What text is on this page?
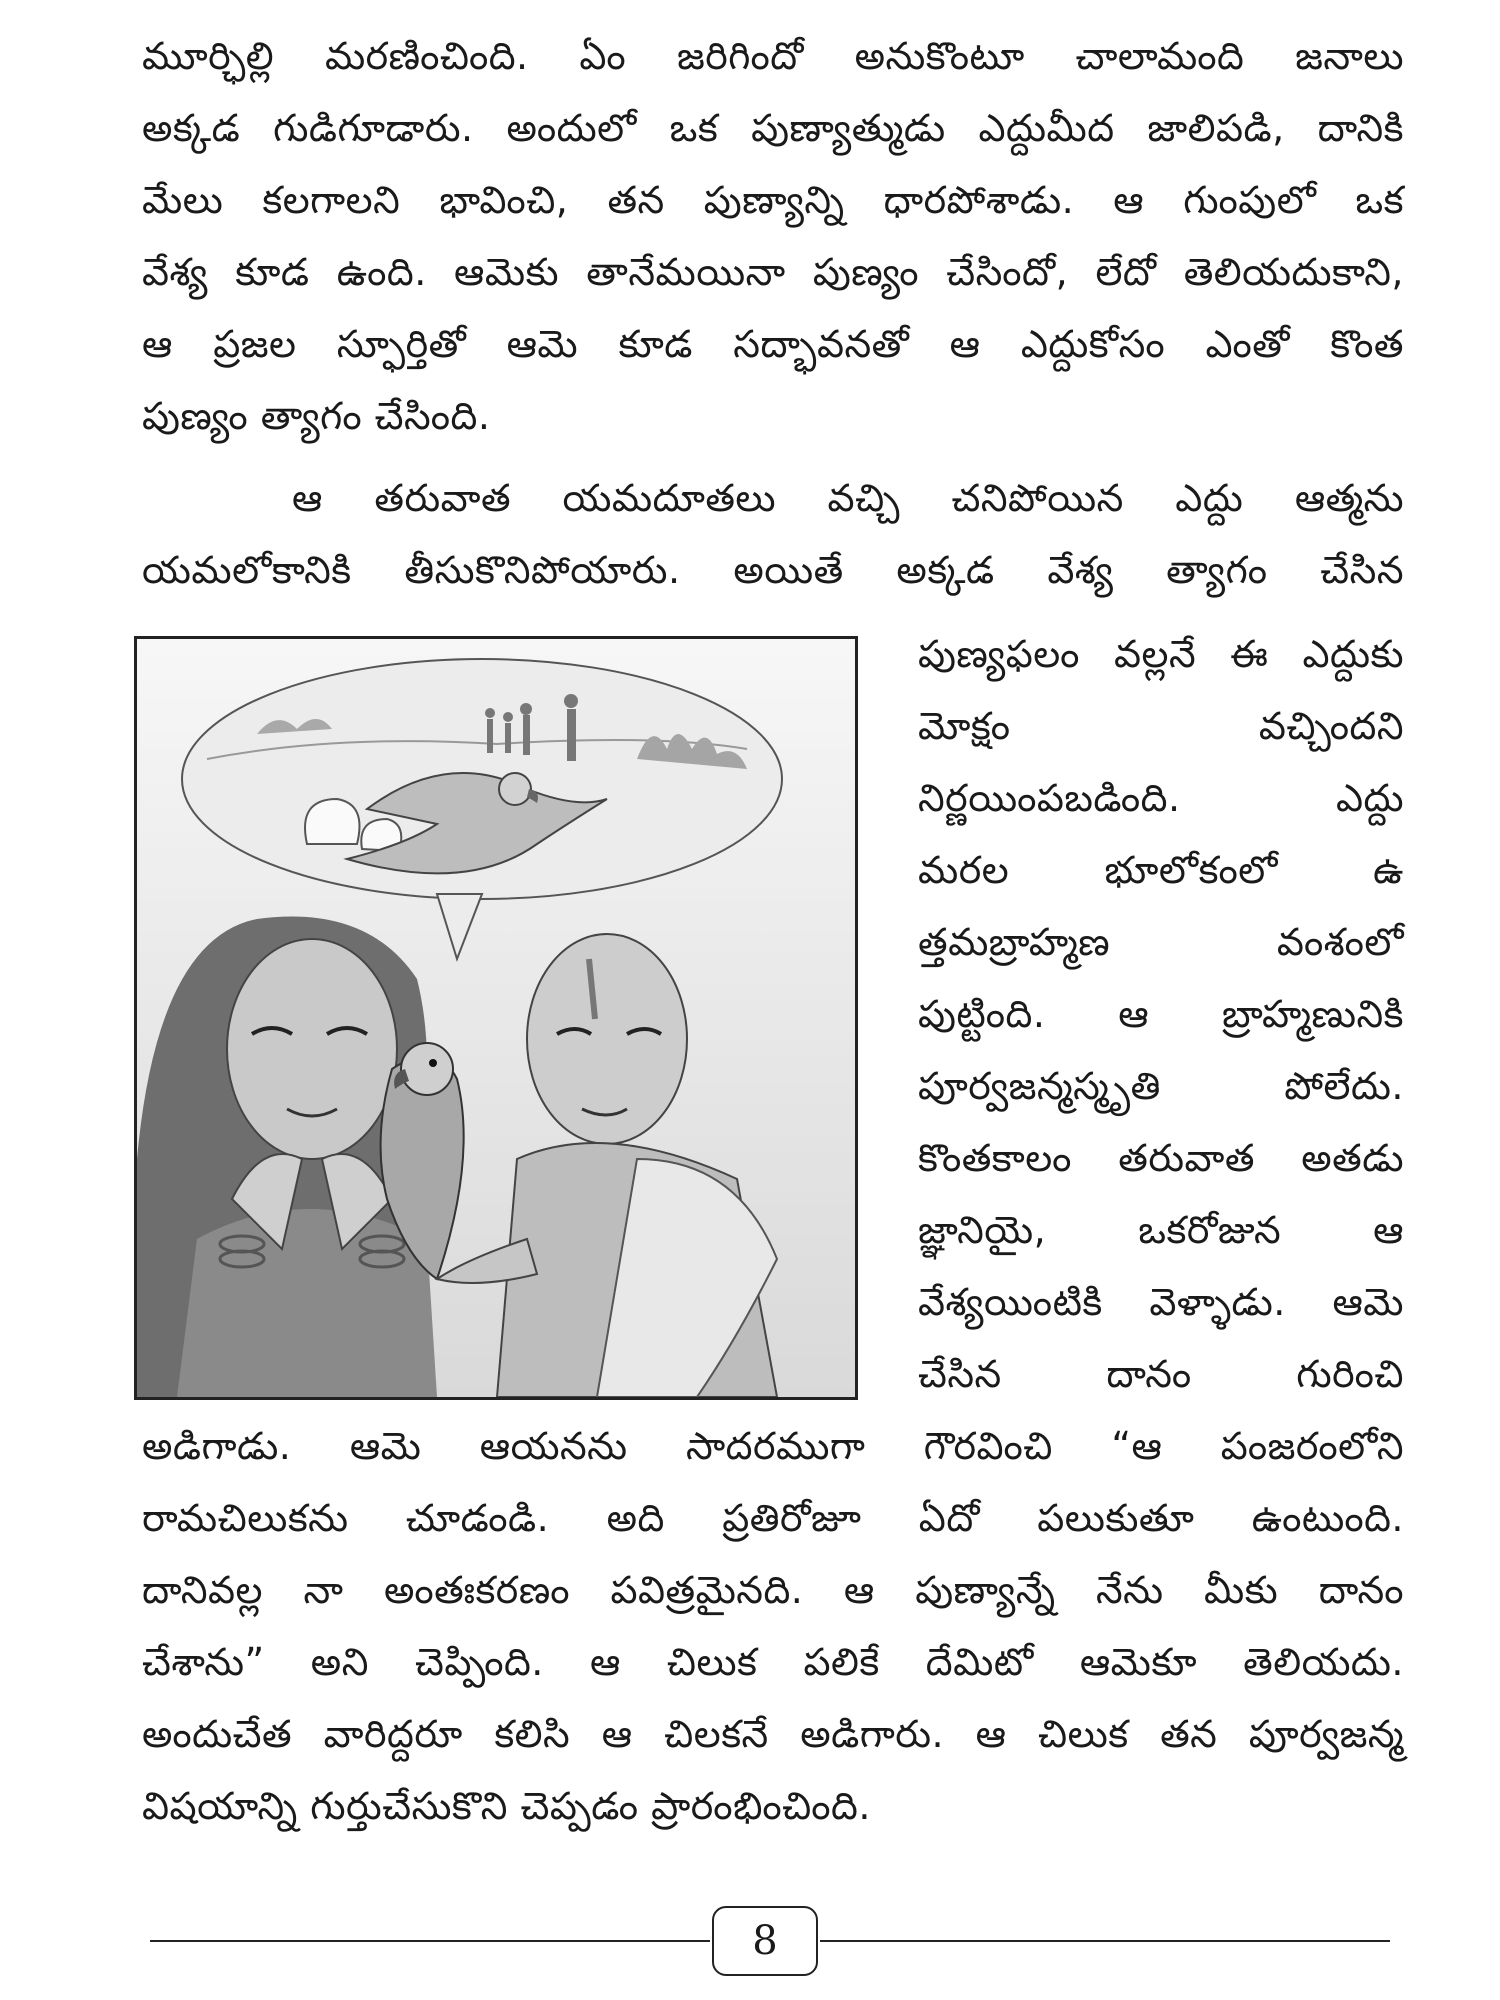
మూర్ఛిల్లి మరణించింది. ఏం జరిగిందో అనుకొంటూ చాలామంది జనాలు
అక్కడ గుడిగూడారు. అందులో ఒక పుణ్యాత్ముడు ఎద్దుమీద జాలిపడి, దానికి
మేలు కలగాలని భావించి, తన పుణ్యాన్ని ధారపోశాడు. ఆ గుంపులో ఒక
వేశ్య కూడ ఉంది. ఆమెకు తానేమయినా పుణ్యం చేసిందో, లేదో తెలియదుకాని,
ఆ ప్రజల స్ఫూర్తితో ఆమె కూడ సద్భావనతో ఆ ఎద్దుకోసం ఎంతో కొంత
పుణ్యం త్యాగం చేసింది.
ఆ తరువాత యమదూతలు వచ్చి చనిపోయిన ఎద్దు ఆత్మను
యమలోకానికి తీసుకొనిపోయారు. అయితే అక్కడ వేశ్య త్యాగం చేసిన
పుణ్యఫలం వల్లనే ఈ ఎద్దుకు
మోక్షం వచ్చిందని
నిర్ణయింపబడింది. ఎద్దు
మరల భూలోకంలో ఉ
త్తమబ్రాహ్మణ వంశంలో
పుట్టింది. ఆ బ్రాహ్మణునికి
పూర్వజన్మస్మృతి పోలేదు.
కొంతకాలం తరువాత అతడు
జ్ఞానియై, ఒకరోజున ఆ
వేశ్యయింటికి వెళ్ళాడు. ఆమె
చేసిన దానం గురించి
అడిగాడు. ఆమె ఆయనను సాదరముగా గౌరవించి “ఆ పంజరంలోని
రామచిలుకను చూడండి. అది ప్రతిరోజూ ఏదో పలుకుతూ ఉంటుంది.
దానివల్ల నా అంతఃకరణం పవిత్రమైనది. ఆ పుణ్యాన్నే నేను మీకు దానం
చేశాను” అని చెప్పింది. ఆ చిలుక పలికే దేమిటో ఆమెకూ తెలియదు.
అందుచేత వారిద్దరూ కలిసి ఆ చిలకనే అడిగారు. ఆ చిలుక తన పూర్వజన్మ
విషయాన్ని గుర్తుచేసుకొని చెప్పడం ప్రారంభించింది.
8
